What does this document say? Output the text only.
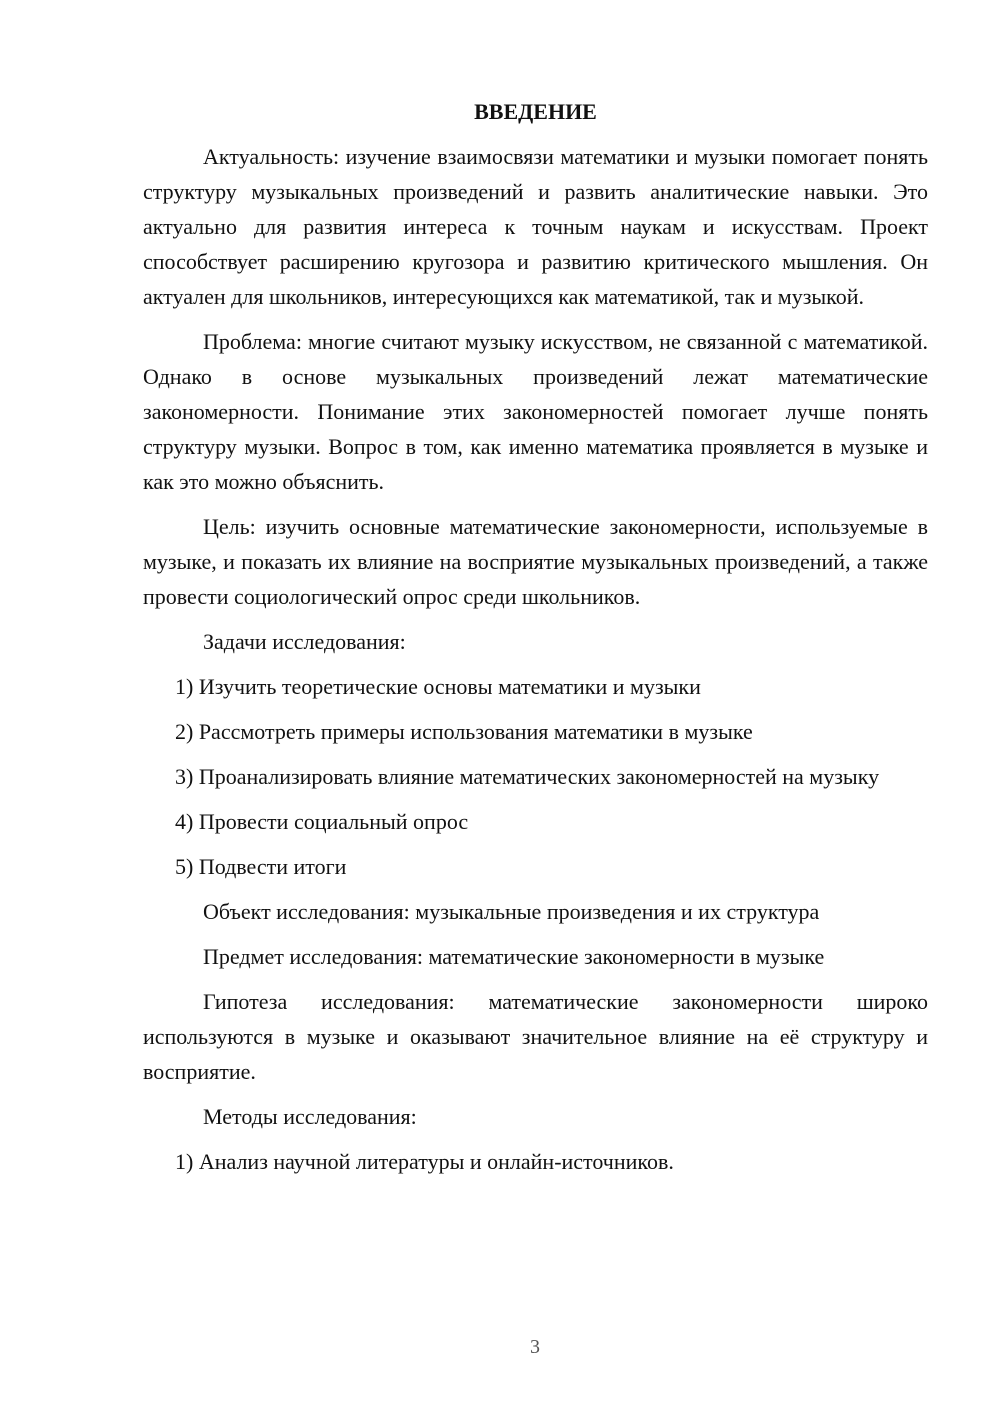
ВВЕДЕНИЕ

Актуальность: изучение взаимосвязи математики и музыки помогает понять структуру музыкальных произведений и развить аналитические навыки. Это актуально для развития интереса к точным наукам и искусствам. Проект способствует расширению кругозора и развитию критического мышления. Он актуален для школьников, интересующихся как математикой, так и музыкой.

Проблема: многие считают музыку искусством, не связанной с математикой. Однако в основе музыкальных произведений лежат математические закономерности. Понимание этих закономерностей помогает лучше понять структуру музыки. Вопрос в том, как именно математика проявляется в музыке и как это можно объяснить.

Цель: изучить основные математические закономерности, используемые в музыке, и показать их влияние на восприятие музыкальных произведений, а также провести социологический опрос среди школьников.

Задачи исследования:

1) Изучить теоретические основы математики и музыки

2) Рассмотреть примеры использования математики в музыке

3) Проанализировать влияние математических закономерностей на музыку

4) Провести социальный опрос

5) Подвести итоги

Объект исследования: музыкальные произведения и их структура
Предмет исследования: математические закономерности в музыке

Гипотеза исследования: математические закономерности широко используются в музыке и оказывают значительное влияние на её структуру и восприятие.

Методы исследования:

1) Анализ научной литературы и онлайн-источников.

3
